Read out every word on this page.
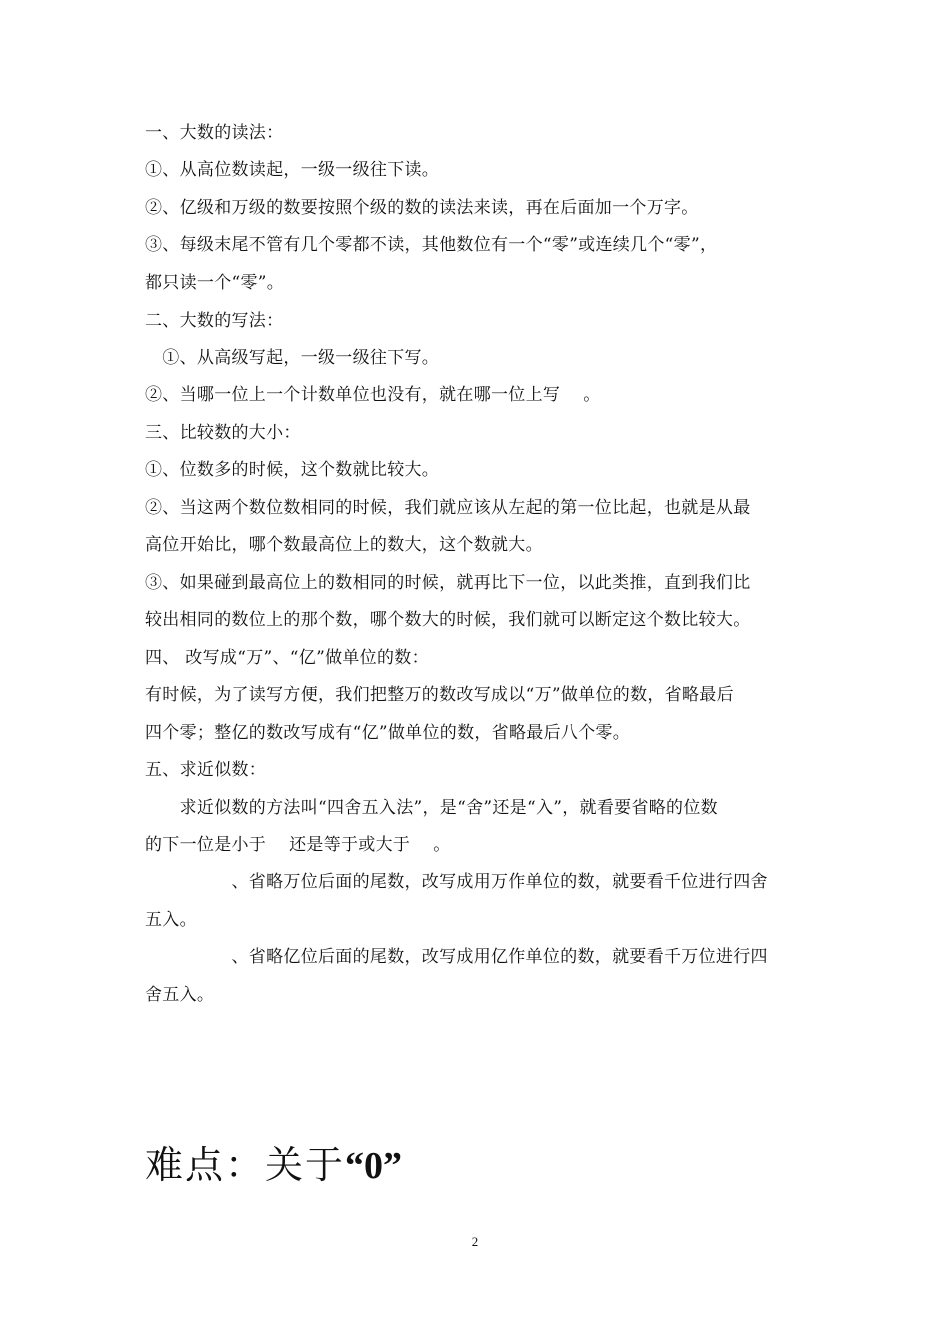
一、大数的读法：
①、从高位数读起，一级一级往下读。
②、亿级和万级的数要按照个级的数的读法来读，再在后面加一个万字。
③、每级末尾不管有几个零都不读，其他数位有一个“零”或连续几个“零”，
都只读一个“零”。
二、大数的写法：
　①、从高级写起，一级一级往下写。
②、当哪一位上一个计数单位也没有，就在哪一位上写　 。
三、比较数的大小：
①、位数多的时候，这个数就比较大。
②、当这两个数位数相同的时候，我们就应该从左起的第一位比起，也就是从最
高位开始比，哪个数最高位上的数大，这个数就大。
③、如果碰到最高位上的数相同的时候，就再比下一位，以此类推，直到我们比
较出相同的数位上的那个数，哪个数大的时候，我们就可以断定这个数比较大。
四、 改写成“万”、“亿”做单位的数：
有时候，为了读写方便，我们把整万的数改写成以“万”做单位的数，省略最后
四个零；整亿的数改写成有“亿”做单位的数，省略最后八个零。
五、求近似数：
　　求近似数的方法叫“四舍五入法”，是“舍”还是“入”，就看要省略的位数
的下一位是小于　 还是等于或大于　 。
　　　　　、省略万位后面的尾数，改写成用万作单位的数，就要看千位进行四舍
五入。
　　　　　、省略亿位后面的尾数，改写成用亿作单位的数，就要看千万位进行四
舍五入。
难点：关于“0”
2
